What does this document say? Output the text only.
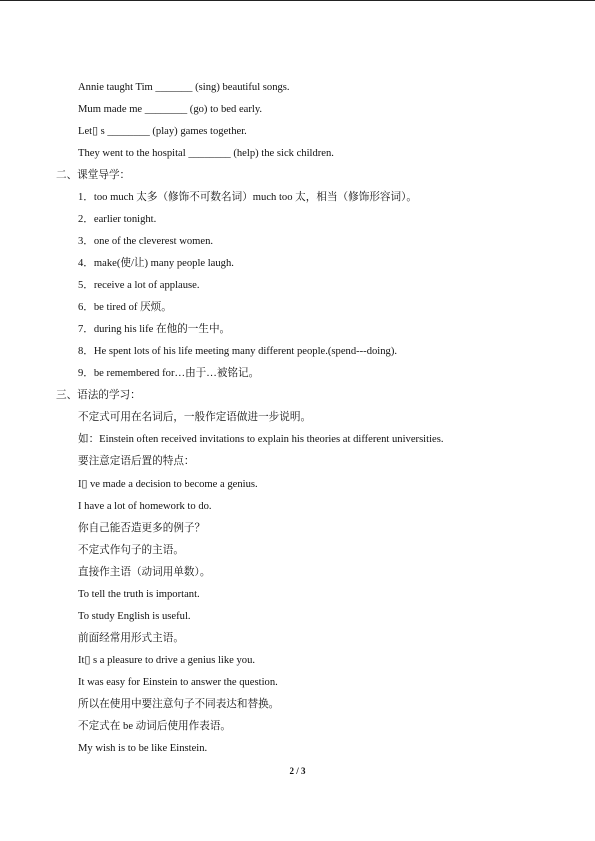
Annie taught Tim _______ (sing) beautiful songs.
Mum made me ________ (go) to bed early.
Let▯ s ________ (play) games together.
They went to the hospital ________ (help) the sick children.
二、课堂导学：
1．too much 太多（修饰不可数名词）much too 太，相当（修饰形容词）。
2．earlier tonight.
3．one of the cleverest women.
4．make(使/让) many people laugh.
5．receive a lot of applause.
6．be tired of 厌烦。
7．during his life 在他的一生中。
8．He spent lots of his life meeting many different people.(spend---doing).
9．be remembered for…由于…被铭记。
三、语法的学习：
不定式可用在名词后，一般作定语做进一步说明。
如：Einstein often received invitations to explain his theories at different universities.
要注意定语后置的特点：
I▯ ve made a decision to become a genius.
I have a lot of homework to do.
你自己能否造更多的例子？
不定式作句子的主语。
直接作主语（动词用单数）。
To tell the truth is important.
To study English is useful.
前面经常用形式主语。
It▯ s a pleasure to drive a genius like you.
It was easy for Einstein to answer the question.
所以在使用中要注意句子不同表达和替换。
不定式在 be 动词后使用作表语。
My wish is to be like Einstein.
2 / 3
